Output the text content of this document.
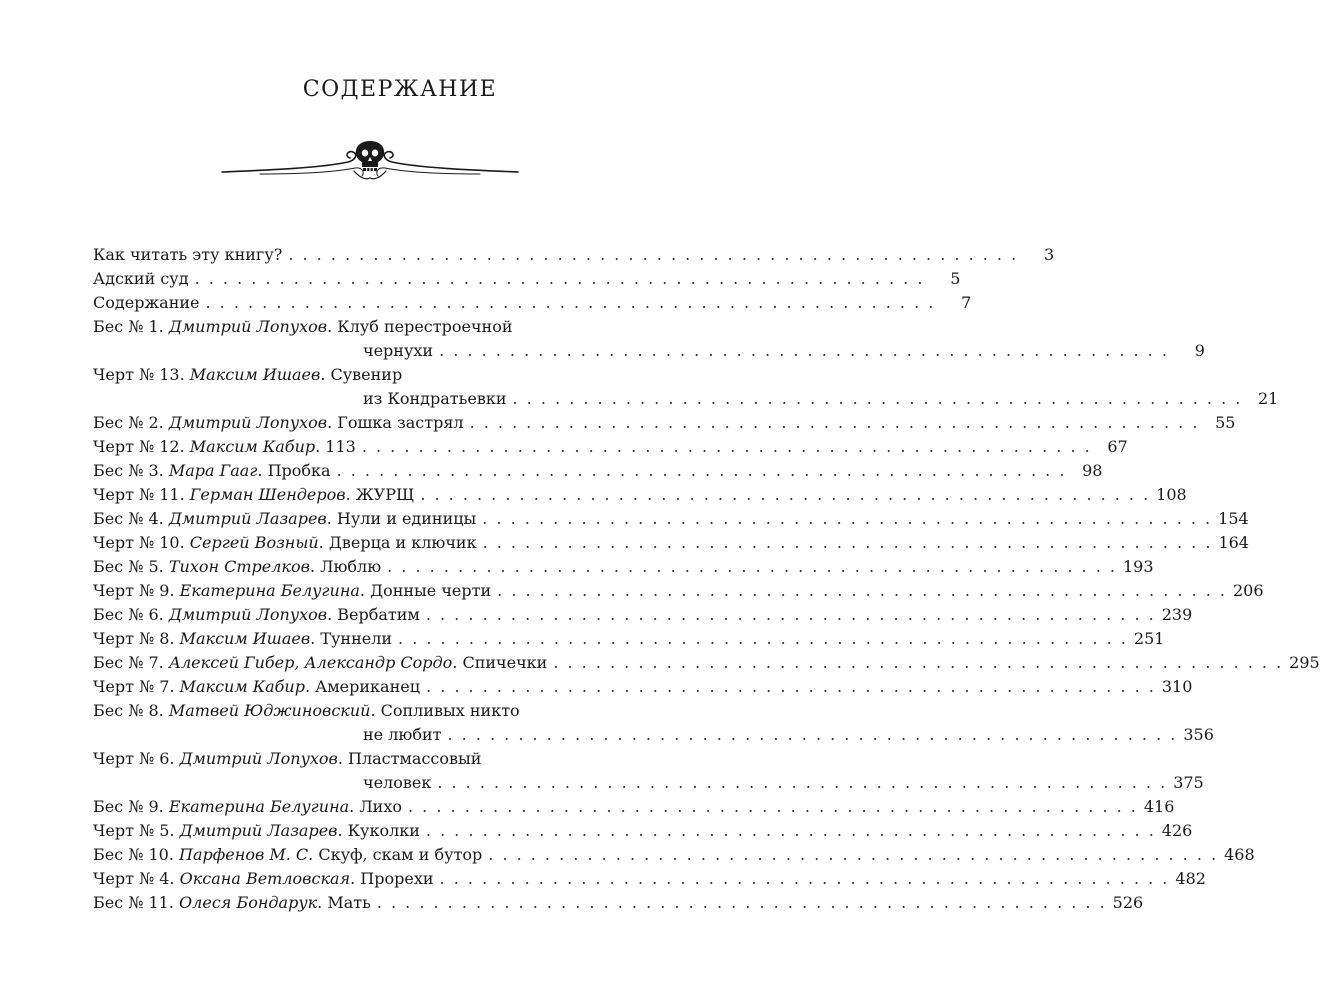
СОДЕРЖАНИЕ
Как читать эту книгу? . . . . . . . . . . . . . . . . . . . . . . . . . . . . . . . . . . . . . . . . . . . . . . . . . . . .	3
Адский суд . . . . . . . . . . . . . . . . . . . . . . . . . . . . . . . . . . . . . . . . . . . . . . . . . . . .	5
Содержание . . . . . . . . . . . . . . . . . . . . . . . . . . . . . . . . . . . . . . . . . . . . . . . . . . . .	7
Бес № 1. Дмитрий Лопухов. Клуб перестроечной
чернухи . . . . . . . . . . . . . . . . . . . . . . . . . . . . . . . . . . . . . . . . . . . . . . . . . . . .	9
Черт № 13. Максим Ишаев. Сувенир
из Кондратьевки . . . . . . . . . . . . . . . . . . . . . . . . . . . . . . . . . . . . . . . . . . . . . . . . . . . . 21
Бес № 2. Дмитрий Лопухов. Гошка застрял . . . . . . . . . . . . . . . . . . . . . . . . . . . . . . . . . . . . . . . . . . . . . . . . . . . . 55
Черт № 12. Максим Кабир. 113 . . . . . . . . . . . . . . . . . . . . . . . . . . . . . . . . . . . . . . . . . . . . . . . . . . . . 67
Бес № 3. Мара Гааг. Пробка . . . . . . . . . . . . . . . . . . . . . . . . . . . . . . . . . . . . . . . . . . . . . . . . . . . . 98
Черт № 11. Герман Шендеров. ЖУРЩ . . . . . . . . . . . . . . . . . . . . . . . . . . . . . . . . . . . . . . . . . . . . . . . . . . . . 108
Бес № 4. Дмитрий Лазарев. Нули и единицы . . . . . . . . . . . . . . . . . . . . . . . . . . . . . . . . . . . . . . . . . . . . . . . . . . . . 154
Черт № 10. Сергей Возный. Дверца и ключик . . . . . . . . . . . . . . . . . . . . . . . . . . . . . . . . . . . . . . . . . . . . . . . . . . . . 164
Бес № 5. Тихон Стрелков. Люблю . . . . . . . . . . . . . . . . . . . . . . . . . . . . . . . . . . . . . . . . . . . . . . . . . . . . 193
Черт № 9. Екатерина Белугина. Донные черти . . . . . . . . . . . . . . . . . . . . . . . . . . . . . . . . . . . . . . . . . . . . . . . . . . . . 206
Бес № 6. Дмитрий Лопухов. Вербатим . . . . . . . . . . . . . . . . . . . . . . . . . . . . . . . . . . . . . . . . . . . . . . . . . . . . 239
Черт № 8. Максим Ишаев. Туннели . . . . . . . . . . . . . . . . . . . . . . . . . . . . . . . . . . . . . . . . . . . . . . . . . . . . 251
Бес № 7. Алексей Гибер, Александр Сордо. Спичечки . . . . . . . . . . . . . . . . . . . . . . . . . . . . . . . . . . . . . . . . . . . . . . . . . . . . 295
Черт № 7. Максим Кабир. Американец . . . . . . . . . . . . . . . . . . . . . . . . . . . . . . . . . . . . . . . . . . . . . . . . . . . . 310
Бес № 8. Матвей Юджиновский. Сопливых никто
не любит . . . . . . . . . . . . . . . . . . . . . . . . . . . . . . . . . . . . . . . . . . . . . . . . . . . . 356
Черт № 6. Дмитрий Лопухов. Пластмассовый
человек . . . . . . . . . . . . . . . . . . . . . . . . . . . . . . . . . . . . . . . . . . . . . . . . . . . . 375
Бес № 9. Екатерина Белугина. Лихо . . . . . . . . . . . . . . . . . . . . . . . . . . . . . . . . . . . . . . . . . . . . . . . . . . . . 416
Черт № 5. Дмитрий Лазарев. Куколки . . . . . . . . . . . . . . . . . . . . . . . . . . . . . . . . . . . . . . . . . . . . . . . . . . . . 426
Бес № 10. Парфенов М. С. Скуф, скам и бутор . . . . . . . . . . . . . . . . . . . . . . . . . . . . . . . . . . . . . . . . . . . . . . . . . . . . 468
Черт № 4. Оксана Ветловская. Прорехи . . . . . . . . . . . . . . . . . . . . . . . . . . . . . . . . . . . . . . . . . . . . . . . . . . . . 482
Бес № 11. Олеся Бондарук. Мать . . . . . . . . . . . . . . . . . . . . . . . . . . . . . . . . . . . . . . . . . . . . . . . . . . . . 526
